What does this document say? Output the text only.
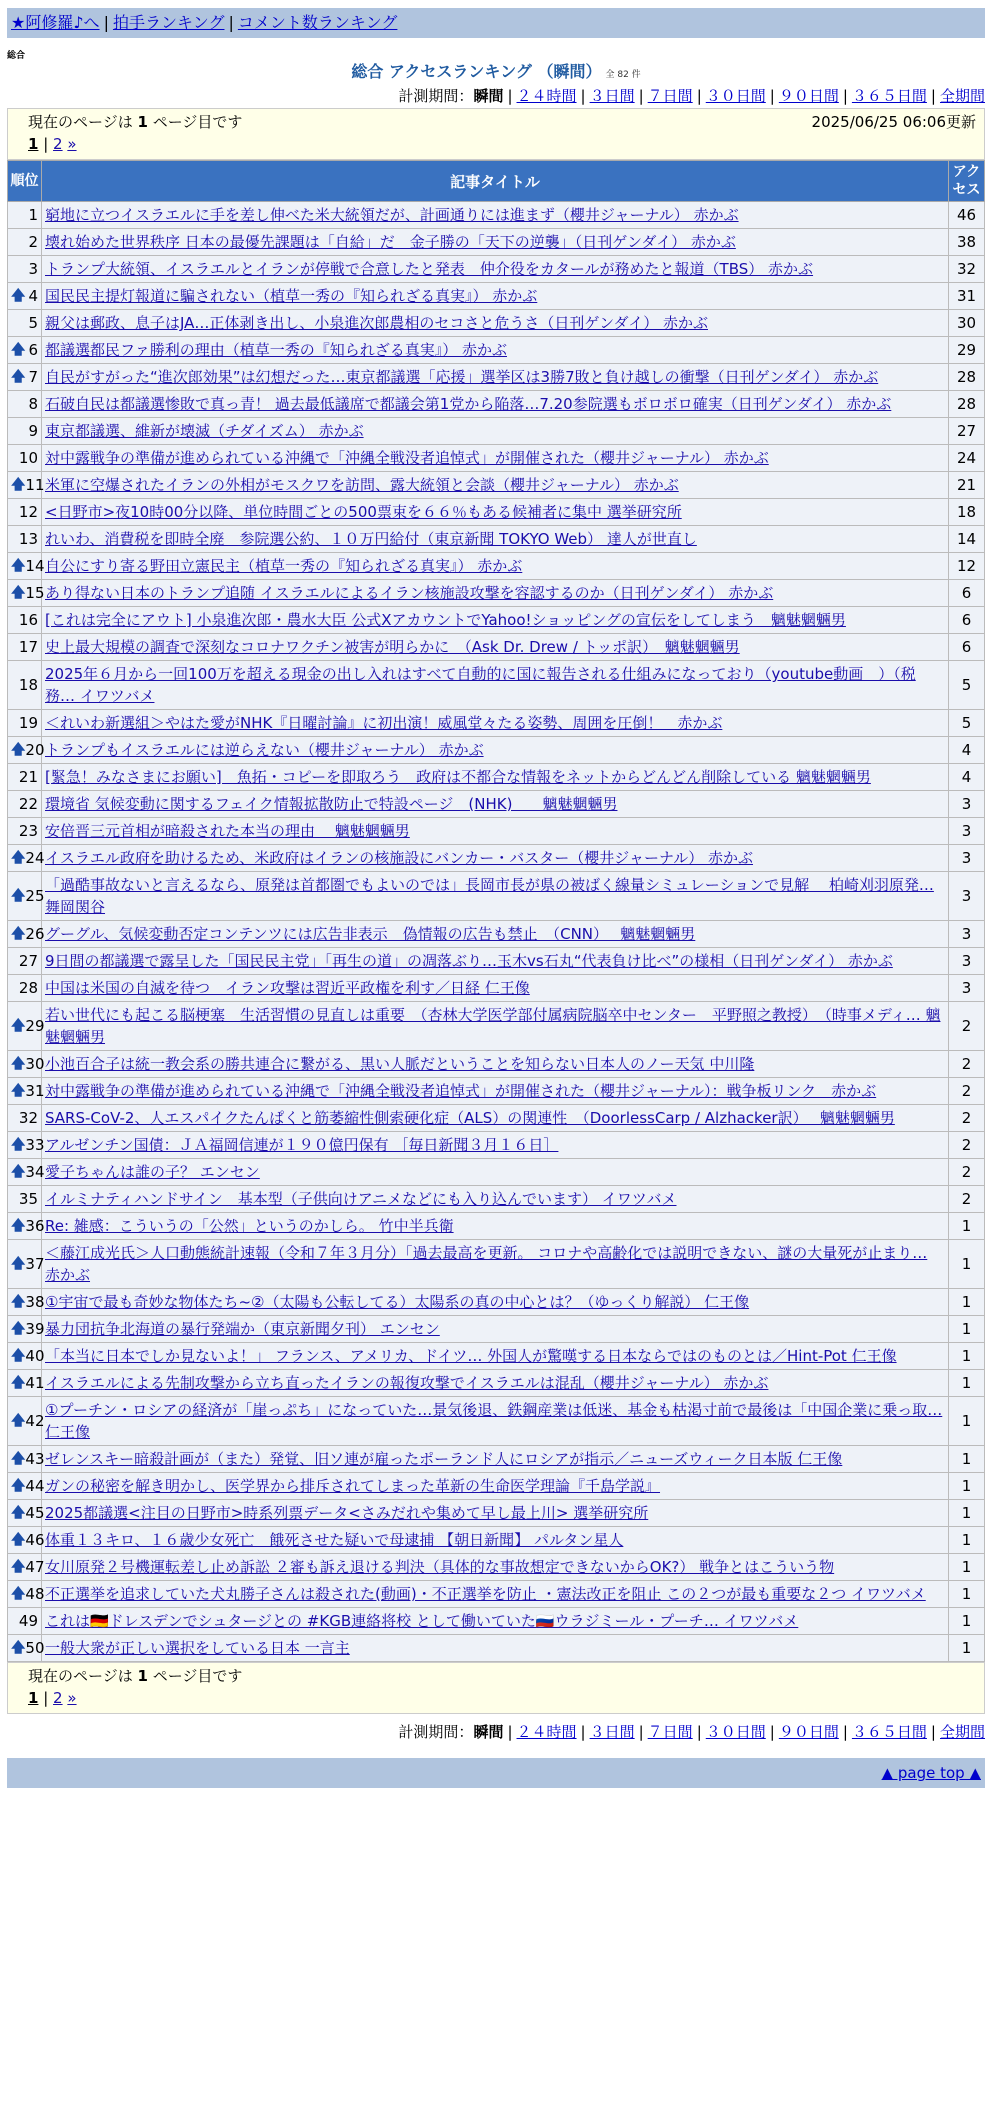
★阿修羅♪へ | 拍手ランキング | コメント数ランキング
総合
総合 アクセスランキング （瞬間） 全 82 件
計測期間：瞬間 | ２４時間 | ３日間 | ７日間 | ３０日間 | ９０日間 | ３６５日間 | 全期間
現在のページは 1 ページ目です	2025/06/25 06:06更新
1 | 2 »
順位	記事タイトル	アクセス
1	窮地に立つイスラエルに手を差し伸べた米大統領だが、計画通りには進まず（櫻井ジャーナル） 赤かぶ	46
2	壊れ始めた世界秩序 日本の最優先課題は「自給」だ　金子勝の「天下の逆襲」（日刊ゲンダイ） 赤かぶ	38
3	トランプ大統領、イスラエルとイランが停戦で合意したと発表　仲介役をカタールが務めたと報道（TBS） 赤かぶ	32

🡅 4	国民民主提灯報道に騙されない（植草一秀の『知られざる真実』） 赤かぶ	31
5	親父は郵政、息子はJA…正体剥き出し、小泉進次郎農相のセコさと危うさ（日刊ゲンダイ） 赤かぶ	30

🡅 6	都議選都民ファ勝利の理由（植草一秀の『知られざる真実』） 赤かぶ	29

🡅 7	自民がすがった“進次郎効果”は幻想だった…東京都議選「応援」選挙区は3勝7敗と負け越しの衝撃（日刊ゲンダイ） 赤かぶ	28
8	石破自民は都議選惨敗で真っ青！ 過去最低議席で都議会第1党から陥落…7.20参院選もボロボロ確実（日刊ゲンダイ） 赤かぶ	28
9	東京都議選、維新が壊滅（チダイズム） 赤かぶ	27
10	対中露戦争の準備が進められている沖縄で「沖縄全戦没者追悼式」が開催された（櫻井ジャーナル） 赤かぶ	24

🡅 11	米軍に空爆されたイランの外相がモスクワを訪問、露大統領と会談（櫻井ジャーナル） 赤かぶ	21
12	<日野市>夜10時00分以降、単位時間ごとの500票束を６６％もある候補者に集中 選挙研究所	18
13	れいわ、消費税を即時全廃　参院選公約、１０万円給付（東京新聞 TOKYO Web） 達人が世直し	14

🡅 14	自公にすり寄る野田立憲民主（植草一秀の『知られざる真実』） 赤かぶ	12

🡅 15	あり得ない日本のトランプ追随 イスラエルによるイラン核施設攻撃を容認するのか（日刊ゲンダイ） 赤かぶ	6
16	[これは完全にアウト] 小泉進次郎・農水大臣 公式XアカウントでYahoo!ショッピングの宣伝をしてしまう　魑魅魍魎男	6
17	史上最大規模の調査で深刻なコロナワクチン被害が明らかに　（Ask Dr. Drew / トッポ訳）　魑魅魍魎男	6
18	2025年６月から一回100万を超える現金の出し入れはすべて自動的に国に報告される仕組みになっており（youtube動画　）（税務… イワツバメ	5
19	＜れいわ新選組＞やはた愛がNHK『日曜討論』に初出演！威風堂々たる姿勢、周囲を圧倒！　赤かぶ	5

🡅 20	トランプもイスラエルには逆らえない（櫻井ジャーナル） 赤かぶ	4
21	[緊急！みなさまにお願い]　魚拓・コピーを即取ろう　政府は不都合な情報をネットからどんどん削除している 魑魅魍魎男	4
22	環境省 気候変動に関するフェイク情報拡散防止で特設ページ　(NHK)　　魑魅魍魎男	3
23	安倍晋三元首相が暗殺された本当の理由　 魑魅魍魎男	3

🡅 24	イスラエル政府を助けるため、米政府はイランの核施設にバンカー・バスター（櫻井ジャーナル） 赤かぶ	3

🡅 25	「過酷事故ないと言えるなら、原発は首都圏でもよいのでは」長岡市長が県の被ばく線量シミュレーションで見解　 柏崎刈羽原発… 舞岡関谷	3

🡅 26	グーグル、気候変動否定コンテンツには広告非表示　偽情報の広告も禁止　（CNN）　 魑魅魍魎男	3
27	9日間の都議選で露呈した「国民民主党」「再生の道」の凋落ぶり…玉木vs石丸“代表負け比べ”の様相（日刊ゲンダイ） 赤かぶ	3
28	中国は米国の自滅を待つ　イラン攻撃は習近平政権を利す／日経 仁王像	3

🡅 29	若い世代にも起こる脳梗塞　生活習慣の見直しは重要　（杏林大学医学部付属病院脳卒中センター　平野照之教授）　（時事メディ… 魑魅魍魎男	2

🡅 30	小池百合子は統一教会系の勝共連合に繋がる、黒い人脈だということを知らない日本人のノー天気 中川隆	2

🡅 31	対中露戦争の準備が進められている沖縄で「沖縄全戦没者追悼式」が開催された（櫻井ジャーナル）：戦争板リンク　赤かぶ	2
32	SARS-CoV-2、人エスパイクたんぱくと筋萎縮性側索硬化症（ALS）の関連性　（DoorlessCarp / Alzhacker訳）　 魑魅魍魎男	2

🡅 33	アルゼンチン国債：ＪＡ福岡信連が１９０億円保有 ［毎日新聞３月１６日］	2

🡅 34	愛子ちゃんは誰の子？ エンセン	2
35	イルミナティハンドサイン　基本型（子供向けアニメなどにも入り込んでいます） イワツバメ	2

🡅 36	Re: 雑感：こういうの「公然」というのかしら。 竹中半兵衛	1

🡅 37	＜藤江成光氏＞人口動態統計速報（令和７年３月分）「過去最高を更新。 コロナや高齢化では説明できない、謎の大量死が止まり… 赤かぶ	1

🡅 38	①宇宙で最も奇妙な物体たち~②（太陽も公転してる）太陽系の真の中心とは？（ゆっくり解説） 仁王像	1

🡅 39	暴力団抗争北海道の暴行発端か（東京新聞夕刊） エンセン	1

🡅 40	「本当に日本でしか見ないよ！」 フランス、アメリカ、ドイツ… 外国人が驚嘆する日本ならではのものとは／Hint-Pot 仁王像	1

🡅 41	イスラエルによる先制攻撃から立ち直ったイランの報復攻撃でイスラエルは混乱（櫻井ジャーナル） 赤かぶ	1

🡅 42	①プーチン・ロシアの経済が「崖っぷち」になっていた…景気後退、鉄鋼産業は低迷、基金も枯渇寸前で最後は「中国企業に乗っ取… 仁王像	1

🡅 43	ゼレンスキー暗殺計画が（また）発覚、旧ソ連が雇ったポーランド人にロシアが指示／ニューズウィーク日本版 仁王像	1

🡅 44	ガンの秘密を解き明かし、医学界から排斥されてしまった革新の生命医学理論『千島学説』	1

🡅 45	2025都議選<注目の日野市>時系列票データ<さみだれや集めて早し最上川> 選挙研究所	1

🡅 46	体重１３キロ、１６歳少女死亡　餓死させた疑いで母逮捕 【朝日新聞】 パルタン星人	1

🡅 47	女川原発２号機運転差し止め訴訟 ２審も訴え退ける判決（具体的な事故想定できないからOK?） 戦争とはこういう物	1

🡅 48	不正選挙を追求していた犬丸勝子さんは殺された(動画)・不正選挙を防止 ・憲法改正を阻止 この２つが最も重要な２つ イワツバメ	1
49	これは🇩🇪ドレスデンでシュタージとの #KGB連絡将校 として働いていた🇷🇺ウラジミール・プーチ… イワツバメ	1

🡅 50	一般大衆が正しい選択をしている日本 一言主	1
現在のページは 1 ページ目です
1 | 2 »
計測期間：瞬間 | ２４時間 | ３日間 | ７日間 | ３０日間 | ９０日間 | ３６５日間 | 全期間
▲ page top ▲
